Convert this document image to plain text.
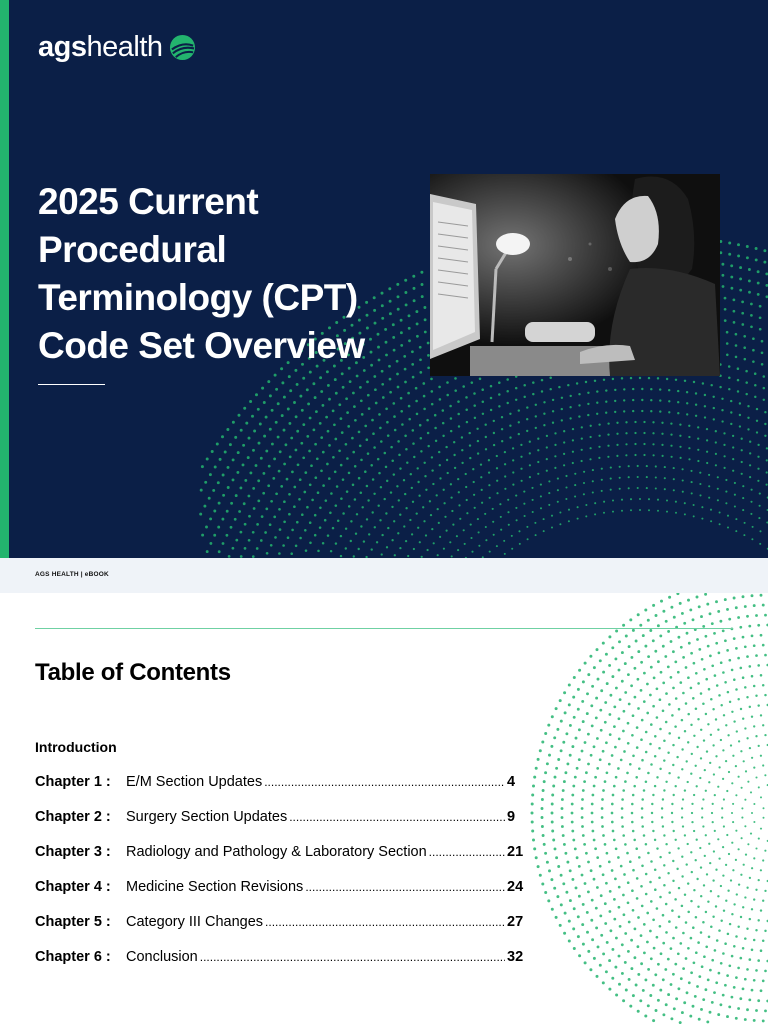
ags health
2025 Current
Procedural
Terminology (CPT)
Code Set Overview
AGS HEALTH | eBOOK
Table of Contents
Introduction
Chapter 1 :	E/M Section Updates .....	4
Chapter 2 :	Surgery Section Updates .....	9
Chapter 3 :	Radiology and Pathology & Laboratory Section .....	21
Chapter 4 :	Medicine Section Revisions .....	24
Chapter 5 :	Category III Changes .....	27
Chapter 6 :	Conclusion .....	32
